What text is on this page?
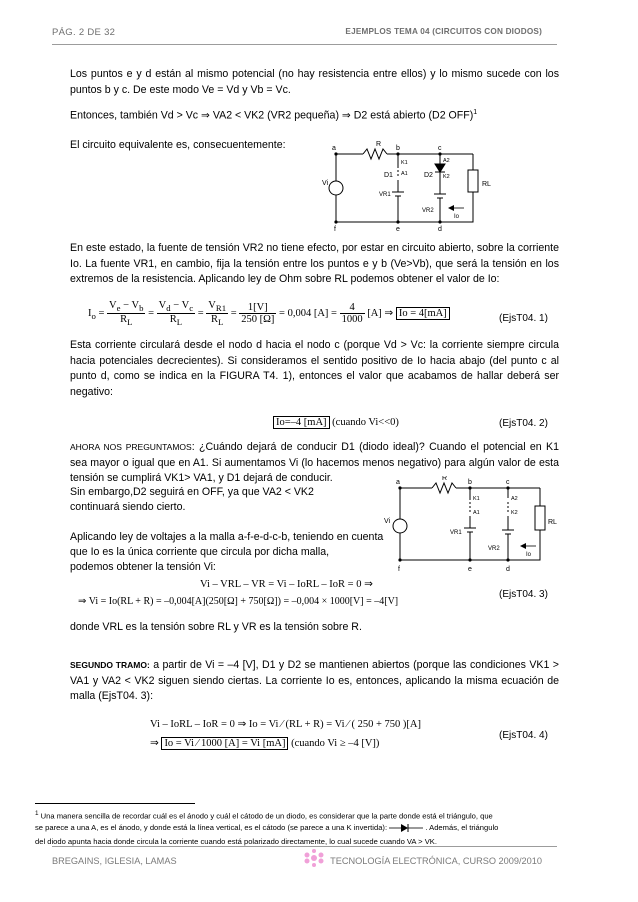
PÁG. 2 DE 32	EJEMPLOS TEMA 04 (CIRCUITOS CON DIODOS)
Los puntos e y d están al mismo potencial (no hay resistencia entre ellos) y lo mismo sucede con los puntos b y c. De este modo Ve = Vd y Vb = Vc.
Entonces, también Vd > Vc ⇒ VA2 < VK2 (VR2 pequeña) ⇒ D2 está abierto (D2 OFF)$^1$
El circuito equivalente es, consecuentemente:	a	b	c
R
K1
A1
D1
A2
K2
D2
VR1
VR2
Vi	RL
Io
f	e	d
En este estado, la fuente de tensión VR2 no tiene efecto, por estar en circuito abierto, sobre la corriente Io. La fuente VR1, en cambio, fija la tensión entre los puntos e y b (Ve>Vb), que será la tensión en los extremos de la resistencia. Aplicando ley de Ohm sobre RL podemos obtener el valor de Io:
$I_o = \frac{V_e - V_b}{R_L} = \frac{V_d - V_c}{R_L} = \frac{V_{R1}}{R_L} = \frac{1[V]}{250 [\Omega]} = 0,004$ $[A] = \frac{4}{1000} [A]$ ⇒ Io = 4[mA]	(EjsT04. 1)
Esta corriente circulará desde el nodo d hacia el nodo c (porque Vd > Vc: la corriente siempre circula hacia potenciales decrecientes). Si consideramos el sentido positivo de Io hacia abajo (del punto c al punto d, como se indica en la FIGURA T4. 1), entonces el valor que acabamos de hallar deberá ser negativo:
Io=–4 [mA] (cuando Vi<<0)	(EjsT04. 2)
AHORA NOS PREGUNTAMOS: ¿Cuándo dejará de conducir D1 (diodo ideal)? Cuando el potencial en K1 sea mayor o igual que en A1. Si aumentamos Vi (lo hacemos menos negativo) para algún valor de esta tensión se cumplirá VK1> VA1, y D1 dejará de conducir.
Sin embargo,D2 seguirá en OFF, ya que VA2 < VK2
continuará siendo cierto.
Aplicando ley de voltajes a la malla a-f-e-d-c-b, teniendo en cuenta
que Io es la única corriente que circula por dicha malla,
podemos obtener la tensión Vi:
a	b	c
R
K1
A1
A2
K2
VR1
VR2
Vi	RL
Io
f	e	d
Vi – VRL – VR = Vi – IoRL – IoR = 0 ⇒
⇒ Vi = Io(RL + R) = –0,004[A](250[Ω] + 750[Ω]) = –0,004 × 1000[V] = –4[V]
(EjsT04. 3)
donde VRL es la tensión sobre RL y VR es la tensión sobre R.
SEGUNDO TRAMO: a partir de Vi = –4 [V], D1 y D2 se mantienen abiertos (porque las condiciones VK1 > VA1 y VA2 < VK2 siguen siendo ciertas. La corriente Io es, entonces, aplicando la misma ecuación de malla (EjsT04. 3):
Vi – IoRL – IoR = 0 ⇒ Io = Vi ⁄ (RL + R) = Vi ⁄ ( 250 + 750 )[A]
⇒ Io = Vi ⁄ 1000 [A] = Vi [mA] (cuando Vi ≥ –4 [V])
(EjsT04. 4)
$^1$ Una manera sencilla de recordar cuál es el ánodo y cuál el cátodo de un diodo, es considerar que la parte donde está el triángulo, que
se parece a una A, es el ánodo, y donde está la línea vertical, es el cátodo (se parece a una K invertida):	. Además, el triángulo
del diodo apunta hacia donde circula la corriente cuando está polarizado directamente, lo cual sucede cuando VA > VK.
BREGAINS, IGLESIA, LAMAS	TECNOLOGÍA ELECTRÓNICA, CURSO 2009/2010
